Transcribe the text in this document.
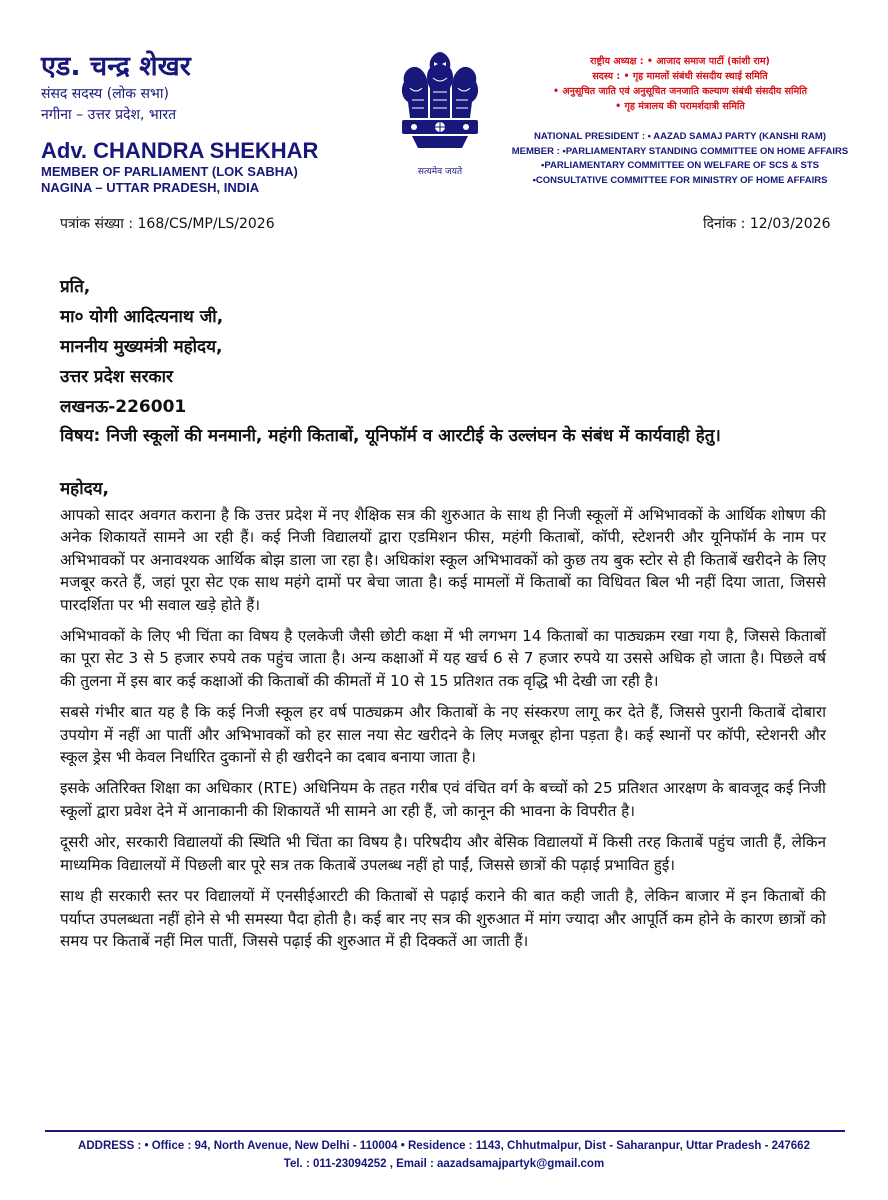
एड. चन्द्र शेखर
संसद सदस्य (लोक सभा)
नगीना – उत्तर प्रदेश, भारत
Adv. CHANDRA SHEKHAR
MEMBER OF PARLIAMENT (LOK SABHA)
NAGINA – UTTAR PRADESH, INDIA
सत्यमेव जयते
राष्ट्रीय अध्यक्ष : • आजाद समाज पार्टी (कांशी राम)
सदस्य : • गृह मामलों संबंधी संसदीय स्थाई समिति
• अनुसूचित जाति एवं अनुसूचित जनजाति कल्याण संबंधी संसदीय समिति
• गृह मंत्रालय की परामर्शदात्री समिति
NATIONAL PRESIDENT : • AAZAD SAMAJ PARTY (KANSHI RAM)
MEMBER : •PARLIAMENTARY STANDING COMMITTEE ON HOME AFFAIRS
•PARLIAMENTARY COMMITTEE ON WELFARE OF SCS & STS
•CONSULTATIVE COMMITTEE FOR MINISTRY OF HOME AFFAIRS
पत्रांक संख्या : 168/CS/MP/LS/2026	दिनांक : 12/03/2026
प्रति,
मा० योगी आदित्यनाथ जी,
माननीय मुख्यमंत्री महोदय,
उत्तर प्रदेश सरकार
लखनऊ-226001
विषय: निजी स्कूलों की मनमानी, महंगी किताबों, यूनिफॉर्म व आरटीई के उल्लंघन के संबंध में कार्यवाही हेतु।
महोदय,

आपको सादर अवगत कराना है कि उत्तर प्रदेश में नए शैक्षिक सत्र की शुरुआत के साथ ही निजी स्कूलों में अभिभावकों के आर्थिक शोषण की अनेक शिकायतें सामने आ रही हैं। कई निजी विद्यालयों द्वारा एडमिशन फीस, महंगी किताबों, कॉपी, स्टेशनरी और यूनिफॉर्म के नाम पर अभिभावकों पर अनावश्यक आर्थिक बोझ डाला जा रहा है। अधिकांश स्कूल अभिभावकों को कुछ तय बुक स्टोर से ही किताबें खरीदने के लिए मजबूर करते हैं, जहां पूरा सेट एक साथ महंगे दामों पर बेचा जाता है। कई मामलों में किताबों का विधिवत बिल भी नहीं दिया जाता, जिससे पारदर्शिता पर भी सवाल खड़े होते हैं।

अभिभावकों के लिए भी चिंता का विषय है एलकेजी जैसी छोटी कक्षा में भी लगभग 14 किताबों का पाठ्यक्रम रखा गया है, जिससे किताबों का पूरा सेट 3 से 5 हजार रुपये तक पहुंच जाता है। अन्य कक्षाओं में यह खर्च 6 से 7 हजार रुपये या उससे अधिक हो जाता है। पिछले वर्ष की तुलना में इस बार कई कक्षाओं की किताबों की कीमतों में 10 से 15 प्रतिशत तक वृद्धि भी देखी जा रही है।

सबसे गंभीर बात यह है कि कई निजी स्कूल हर वर्ष पाठ्यक्रम और किताबों के नए संस्करण लागू कर देते हैं, जिससे पुरानी किताबें दोबारा उपयोग में नहीं आ पातीं और अभिभावकों को हर साल नया सेट खरीदने के लिए मजबूर होना पड़ता है। कई स्थानों पर कॉपी, स्टेशनरी और स्कूल ड्रेस भी केवल निर्धारित दुकानों से ही खरीदने का दबाव बनाया जाता है।

इसके अतिरिक्त शिक्षा का अधिकार (RTE) अधिनियम के तहत गरीब एवं वंचित वर्ग के बच्चों को 25 प्रतिशत आरक्षण के बावजूद कई निजी स्कूलों द्वारा प्रवेश देने में आनाकानी की शिकायतें भी सामने आ रही हैं, जो कानून की भावना के विपरीत है।

दूसरी ओर, सरकारी विद्यालयों की स्थिति भी चिंता का विषय है। परिषदीय और बेसिक विद्यालयों में किसी तरह किताबें पहुंच जाती हैं, लेकिन माध्यमिक विद्यालयों में पिछली बार पूरे सत्र तक किताबें उपलब्ध नहीं हो पाईं, जिससे छात्रों की पढ़ाई प्रभावित हुई।

साथ ही सरकारी स्तर पर विद्यालयों में एनसीईआरटी की किताबों से पढ़ाई कराने की बात कही जाती है, लेकिन बाजार में इन किताबों की पर्याप्त उपलब्धता नहीं होने से भी समस्या पैदा होती है। कई बार नए सत्र की शुरुआत में मांग ज्यादा और आपूर्ति कम होने के कारण छात्रों को समय पर किताबें नहीं मिल पातीं, जिससे पढ़ाई की शुरुआत में ही दिक्कतें आ जाती हैं।

ADDRESS : • Office : 94, North Avenue, New Delhi - 110004 • Residence : 1143, Chhutmalpur, Dist - Saharanpur, Uttar Pradesh - 247662
Tel. : 011-23094252 , Email : aazadsamajpartyk@gmail.com
